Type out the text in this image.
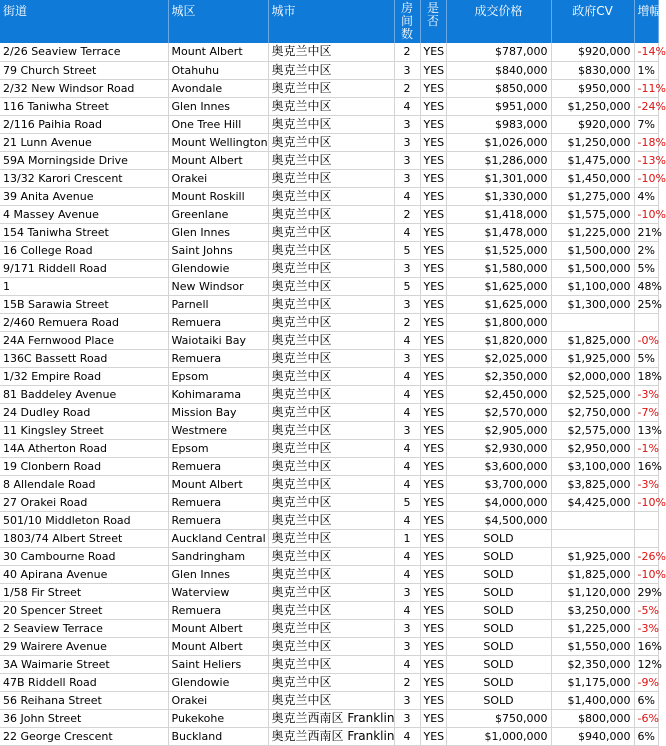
街道	城区	城市	房间数	是否	成交价格	政府CV	增幅
2/26 Seaview Terrace	Mount Albert	奥克兰中区	2	YES	$787,000	$920,000	-14%
79 Church Street	Otahuhu	奥克兰中区	3	YES	$840,000	$830,000	1%
2/32 New Windsor Road	Avondale	奥克兰中区	2	YES	$850,000	$950,000	-11%
116 Taniwha Street	Glen Innes	奥克兰中区	4	YES	$951,000	$1,250,000	-24%
2/116 Paihia Road	One Tree Hill	奥克兰中区	3	YES	$983,000	$920,000	7%
21 Lunn Avenue	Mount Wellington	奥克兰中区	3	YES	$1,026,000	$1,250,000	-18%
59A Morningside Drive	Mount Albert	奥克兰中区	3	YES	$1,286,000	$1,475,000	-13%
13/32 Karori Crescent	Orakei	奥克兰中区	3	YES	$1,301,000	$1,450,000	-10%
39 Anita Avenue	Mount Roskill	奥克兰中区	4	YES	$1,330,000	$1,275,000	4%
4 Massey Avenue	Greenlane	奥克兰中区	2	YES	$1,418,000	$1,575,000	-10%
154 Taniwha Street	Glen Innes	奥克兰中区	4	YES	$1,478,000	$1,225,000	21%
16 College Road	Saint Johns	奥克兰中区	5	YES	$1,525,000	$1,500,000	2%
9/171 Riddell Road	Glendowie	奥克兰中区	3	YES	$1,580,000	$1,500,000	5%
1	New Windsor	奥克兰中区	5	YES	$1,625,000	$1,100,000	48%
15B Sarawia Street	Parnell	奥克兰中区	3	YES	$1,625,000	$1,300,000	25%
2/460 Remuera Road	Remuera	奥克兰中区	2	YES	$1,800,000		
24A Fernwood Place	Waiotaiki Bay	奥克兰中区	4	YES	$1,820,000	$1,825,000	-0%
136C Bassett Road	Remuera	奥克兰中区	3	YES	$2,025,000	$1,925,000	5%
1/32 Empire Road	Epsom	奥克兰中区	4	YES	$2,350,000	$2,000,000	18%
81 Baddeley Avenue	Kohimarama	奥克兰中区	4	YES	$2,450,000	$2,525,000	-3%
24 Dudley Road	Mission Bay	奥克兰中区	4	YES	$2,570,000	$2,750,000	-7%
11 Kingsley Street	Westmere	奥克兰中区	3	YES	$2,905,000	$2,575,000	13%
14A Atherton Road	Epsom	奥克兰中区	4	YES	$2,930,000	$2,950,000	-1%
19 Clonbern Road	Remuera	奥克兰中区	4	YES	$3,600,000	$3,100,000	16%
8 Allendale Road	Mount Albert	奥克兰中区	4	YES	$3,700,000	$3,825,000	-3%
27 Orakei Road	Remuera	奥克兰中区	5	YES	$4,000,000	$4,425,000	-10%
501/10 Middleton Road	Remuera	奥克兰中区	4	YES	$4,500,000		
1803/74 Albert Street	Auckland Central	奥克兰中区	1	YES	SOLD		
30 Cambourne Road	Sandringham	奥克兰中区	4	YES	SOLD	$1,925,000	-26%
40 Apirana Avenue	Glen Innes	奥克兰中区	4	YES	SOLD	$1,825,000	-10%
1/58 Fir Street	Waterview	奥克兰中区	3	YES	SOLD	$1,120,000	29%
20 Spencer Street	Remuera	奥克兰中区	4	YES	SOLD	$3,250,000	-5%
2 Seaview Terrace	Mount Albert	奥克兰中区	3	YES	SOLD	$1,225,000	-3%
29 Wairere Avenue	Mount Albert	奥克兰中区	3	YES	SOLD	$1,550,000	16%
3A Waimarie Street	Saint Heliers	奥克兰中区	4	YES	SOLD	$2,350,000	12%
47B Riddell Road	Glendowie	奥克兰中区	2	YES	SOLD	$1,175,000	-9%
56 Reihana Street	Orakei	奥克兰中区	3	YES	SOLD	$1,400,000	6%
36 John Street	Pukekohe	奥克兰西南区 Franklin	3	YES	$750,000	$800,000	-6%
22 George Crescent	Buckland	奥克兰西南区 Franklin	4	YES	$1,000,000	$940,000	6%
